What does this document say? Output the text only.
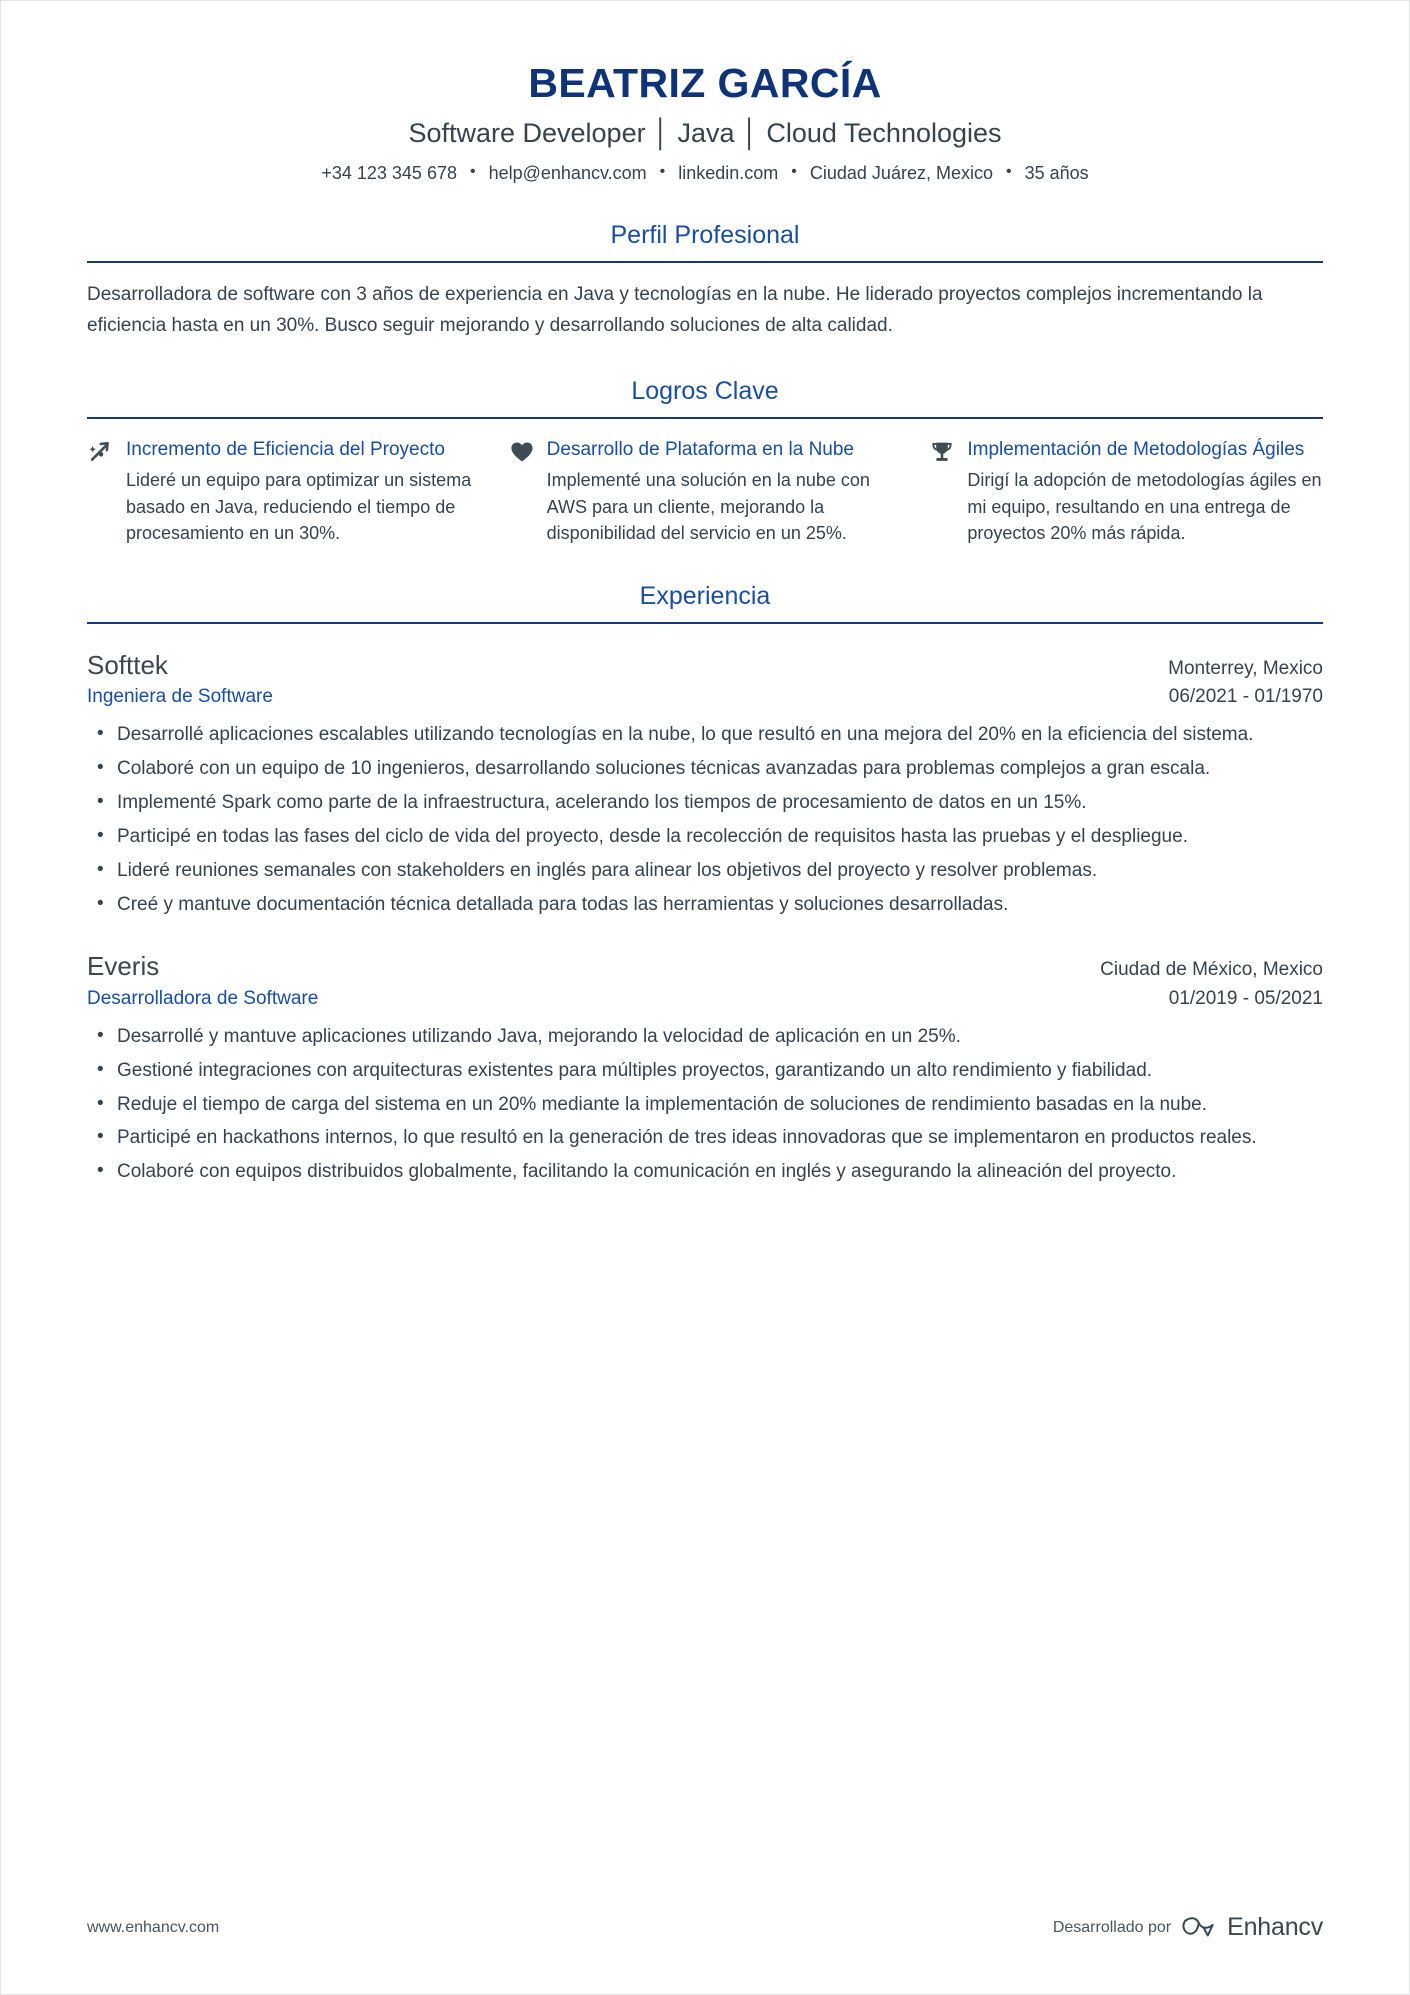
BEATRIZ GARCÍA
Software Developer │ Java │ Cloud Technologies
+34 123 345 678 • help@enhancv.com • linkedin.com • Ciudad Juárez, Mexico • 35 años
Perfil Profesional

Desarrolladora de software con 3 años de experiencia en Java y tecnologías en la nube. He liderado proyectos complejos incrementando la eficiencia hasta en un 30%. Busco seguir mejorando y desarrollando soluciones de alta calidad.

Logros Clave
Incremento de Eficiencia del Proyecto
Lideré un equipo para optimizar un sistema basado en Java, reduciendo el tiempo de procesamiento en un 30%.
Desarrollo de Plataforma en la Nube
Implementé una solución en la nube con AWS para un cliente, mejorando la disponibilidad del servicio en un 25%.
Implementación de Metodologías Ágiles
Dirigí la adopción de metodologías ágiles en mi equipo, resultando en una entrega de proyectos 20% más rápida.
Experiencia
Softtek	Monterrey, Mexico
Ingeniera de Software	06/2021 - 01/1970
• Desarrollé aplicaciones escalables utilizando tecnologías en la nube, lo que resultó en una mejora del 20% en la eficiencia del sistema.
• Colaboré con un equipo de 10 ingenieros, desarrollando soluciones técnicas avanzadas para problemas complejos a gran escala.
• Implementé Spark como parte de la infraestructura, acelerando los tiempos de procesamiento de datos en un 15%.
• Participé en todas las fases del ciclo de vida del proyecto, desde la recolección de requisitos hasta las pruebas y el despliegue.
• Lideré reuniones semanales con stakeholders en inglés para alinear los objetivos del proyecto y resolver problemas.
• Creé y mantuve documentación técnica detallada para todas las herramientas y soluciones desarrolladas.
Everis	Ciudad de México, Mexico
Desarrolladora de Software	01/2019 - 05/2021
• Desarrollé y mantuve aplicaciones utilizando Java, mejorando la velocidad de aplicación en un 25%.
• Gestioné integraciones con arquitecturas existentes para múltiples proyectos, garantizando un alto rendimiento y fiabilidad.
• Reduje el tiempo de carga del sistema en un 20% mediante la implementación de soluciones de rendimiento basadas en la nube.
• Participé en hackathons internos, lo que resultó en la generación de tres ideas innovadoras que se implementaron en productos reales.
• Colaboré con equipos distribuidos globalmente, facilitando la comunicación en inglés y asegurando la alineación del proyecto.
www.enhancv.com	Desarrollado por Enhancv
